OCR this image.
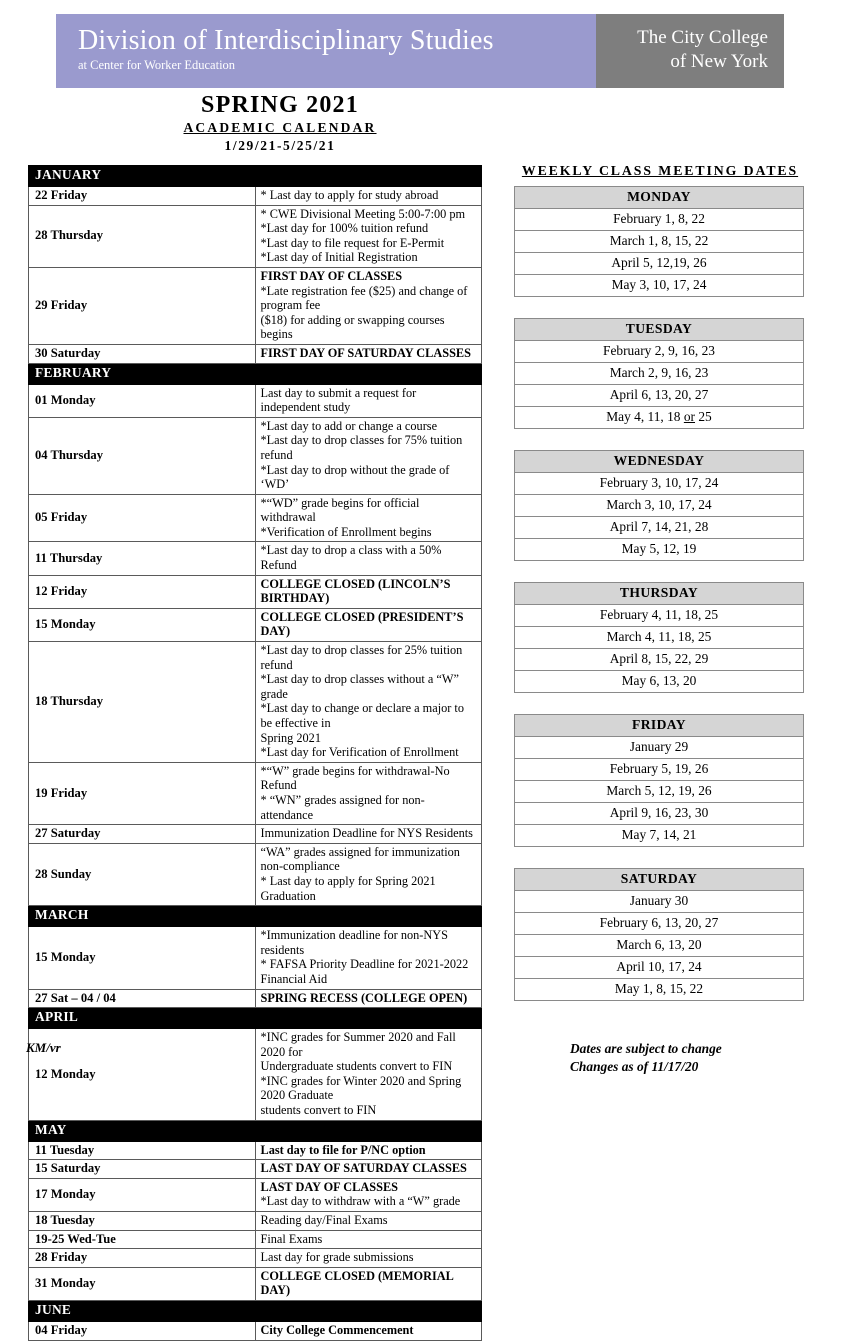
Division of Interdisciplinary Studies
at Center for Worker Education
The City College
of New York
SPRING 2021
ACADEMIC CALENDAR
1/29/21-5/25/21
JANUARY	
22 Friday	* Last day to apply for study abroad

28 Thursday	* CWE Divisional Meeting 5:00-7:00 pm
*Last day for 100% tuition refund
*Last day to file request for E-Permit
*Last day of Initial Registration

29 Friday	FIRST DAY OF CLASSES
*Late registration fee ($25) and change of program fee
($18) for adding or swapping courses begins

30 Saturday	FIRST DAY OF SATURDAY CLASSES

FEBRUARY	
01 Monday	Last day to submit a request for independent study

04 Thursday	*Last day to add or change a course
*Last day to drop classes for 75% tuition refund
*Last day to drop without the grade of ‘WD’

05 Friday	*“WD” grade begins for official withdrawal
*Verification of Enrollment begins

11 Thursday	*Last day to drop a class with a 50% Refund

12 Friday	COLLEGE CLOSED (LINCOLN’S BIRTHDAY)

15 Monday	COLLEGE CLOSED (PRESIDENT’S DAY)

18 Thursday	*Last day to drop classes for 25% tuition refund
*Last day to drop classes without a “W” grade
*Last day to change or declare a major to be effective in
Spring 2021
*Last day for Verification of Enrollment

19 Friday	*“W” grade begins for withdrawal-No Refund
* “WN” grades assigned for non-attendance

27 Saturday	Immunization Deadline for NYS Residents

28 Sunday	“WA” grades assigned for immunization non-compliance
* Last day to apply for Spring 2021 Graduation

MARCH	
15 Monday	*Immunization deadline for non-NYS residents
* FAFSA Priority Deadline for 2021-2022 Financial Aid

27 Sat – 04 / 04	SPRING RECESS (COLLEGE OPEN)

APRIL	
12 Monday	*INC grades for Summer 2020 and Fall 2020 for
Undergraduate students convert to FIN
*INC grades for Winter 2020 and Spring 2020 Graduate
students convert to FIN

MAY	
11 Tuesday	Last day to file for P/NC option

15 Saturday	LAST DAY OF SATURDAY CLASSES

17 Monday	LAST DAY OF CLASSES
*Last day to withdraw with a “W” grade

18 Tuesday	Reading day/Final Exams

19-25 Wed-Tue	Final Exams

28 Friday	Last day for grade submissions

31 Monday	COLLEGE CLOSED (MEMORIAL DAY)

JUNE	
04 Friday	City College Commencement
WEEKLY CLASS MEETING DATES
MONDAY
February 1, 8, 22
March 1, 8, 15, 22
April 5, 12,19, 26
May 3, 10, 17, 24
TUESDAY
February 2, 9, 16, 23
March 2, 9, 16, 23
April 6, 13, 20, 27
May 4, 11, 18 or 25
WEDNESDAY
February 3, 10, 17, 24
March 3, 10, 17, 24
April 7, 14, 21, 28
May 5, 12, 19
THURSDAY
February 4, 11, 18, 25
March 4, 11, 18, 25
April 8, 15, 22, 29
May 6, 13, 20
FRIDAY
January 29
February 5, 19, 26
March 5, 12, 19, 26
April 9, 16, 23, 30
May 7, 14, 21
SATURDAY
January 30
February 6, 13, 20, 27
March 6, 13, 20
April 10, 17, 24
May 1, 8, 15, 22
KM/vr	Dates are subject to change
Changes as of 11/17/20
